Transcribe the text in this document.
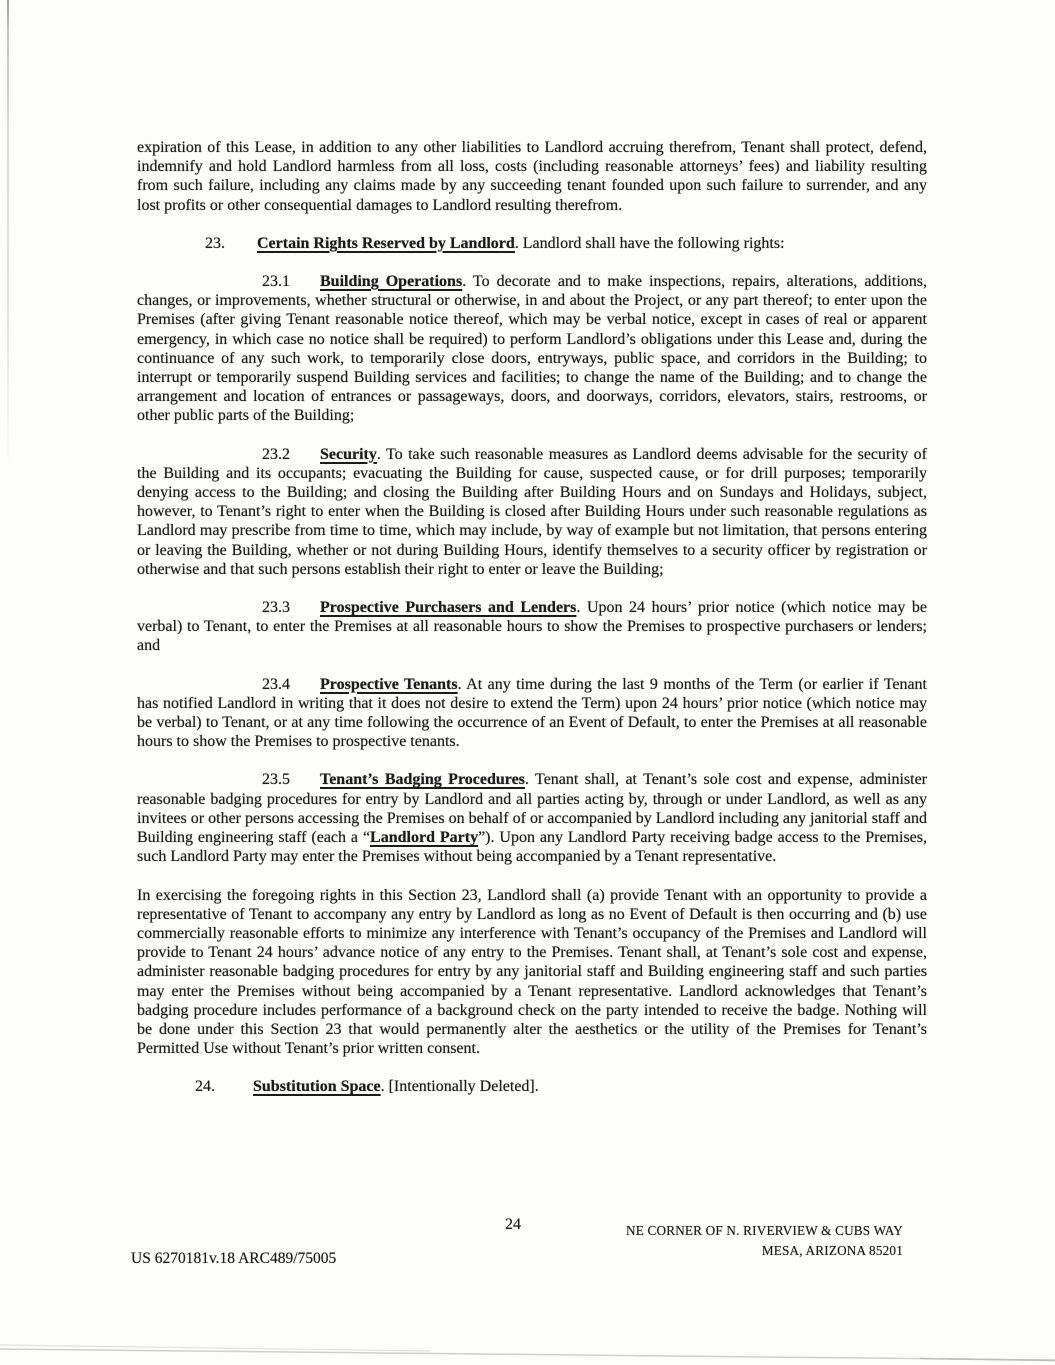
expiration of this Lease, in addition to any other liabilities to Landlord accruing therefrom, Tenant shall protect, defend, indemnify and hold Landlord harmless from all loss, costs (including reasonable attorneys’ fees) and liability resulting from such failure, including any claims made by any succeeding tenant founded upon such failure to surrender, and any lost profits or other consequential damages to Landlord resulting therefrom.

23. Certain Rights Reserved by Landlord. Landlord shall have the following rights:

23.1 Building Operations. To decorate and to make inspections, repairs, alterations, additions, changes, or improvements, whether structural or otherwise, in and about the Project, or any part thereof; to enter upon the Premises (after giving Tenant reasonable notice thereof, which may be verbal notice, except in cases of real or apparent emergency, in which case no notice shall be required) to perform Landlord’s obligations under this Lease and, during the continuance of any such work, to temporarily close doors, entryways, public space, and corridors in the Building; to interrupt or temporarily suspend Building services and facilities; to change the name of the Building; and to change the arrangement and location of entrances or passageways, doors, and doorways, corridors, elevators, stairs, restrooms, or other public parts of the Building;

23.2 Security. To take such reasonable measures as Landlord deems advisable for the security of the Building and its occupants; evacuating the Building for cause, suspected cause, or for drill purposes; temporarily denying access to the Building; and closing the Building after Building Hours and on Sundays and Holidays, subject, however, to Tenant’s right to enter when the Building is closed after Building Hours under such reasonable regulations as Landlord may prescribe from time to time, which may include, by way of example but not limitation, that persons entering or leaving the Building, whether or not during Building Hours, identify themselves to a security officer by registration or otherwise and that such persons establish their right to enter or leave the Building;

23.3 Prospective Purchasers and Lenders. Upon 24 hours’ prior notice (which notice may be verbal) to Tenant, to enter the Premises at all reasonable hours to show the Premises to prospective purchasers or lenders; and

23.4 Prospective Tenants. At any time during the last 9 months of the Term (or earlier if Tenant has notified Landlord in writing that it does not desire to extend the Term) upon 24 hours’ prior notice (which notice may be verbal) to Tenant, or at any time following the occurrence of an Event of Default, to enter the Premises at all reasonable hours to show the Premises to prospective tenants.

23.5 Tenant’s Badging Procedures. Tenant shall, at Tenant’s sole cost and expense, administer reasonable badging procedures for entry by Landlord and all parties acting by, through or under Landlord, as well as any invitees or other persons accessing the Premises on behalf of or accompanied by Landlord including any janitorial staff and Building engineering staff (each a “Landlord Party”). Upon any Landlord Party receiving badge access to the Premises, such Landlord Party may enter the Premises without being accompanied by a Tenant representative.

In exercising the foregoing rights in this Section 23, Landlord shall (a) provide Tenant with an opportunity to provide a representative of Tenant to accompany any entry by Landlord as long as no Event of Default is then occurring and (b) use commercially reasonable efforts to minimize any interference with Tenant’s occupancy of the Premises and Landlord will provide to Tenant 24 hours’ advance notice of any entry to the Premises. Tenant shall, at Tenant’s sole cost and expense, administer reasonable badging procedures for entry by any janitorial staff and Building engineering staff and such parties may enter the Premises without being accompanied by a Tenant representative. Landlord acknowledges that Tenant’s badging procedure includes performance of a background check on the party intended to receive the badge. Nothing will be done under this Section 23 that would permanently alter the aesthetics or the utility of the Premises for Tenant’s Permitted Use without Tenant’s prior written consent.

24. Substitution Space. [Intentionally Deleted].

24	NE CORNER OF N. RIVERVIEW & CUBS WAY
MESA, ARIZONA 85201
US 6270181v.18 ARC489/75005
